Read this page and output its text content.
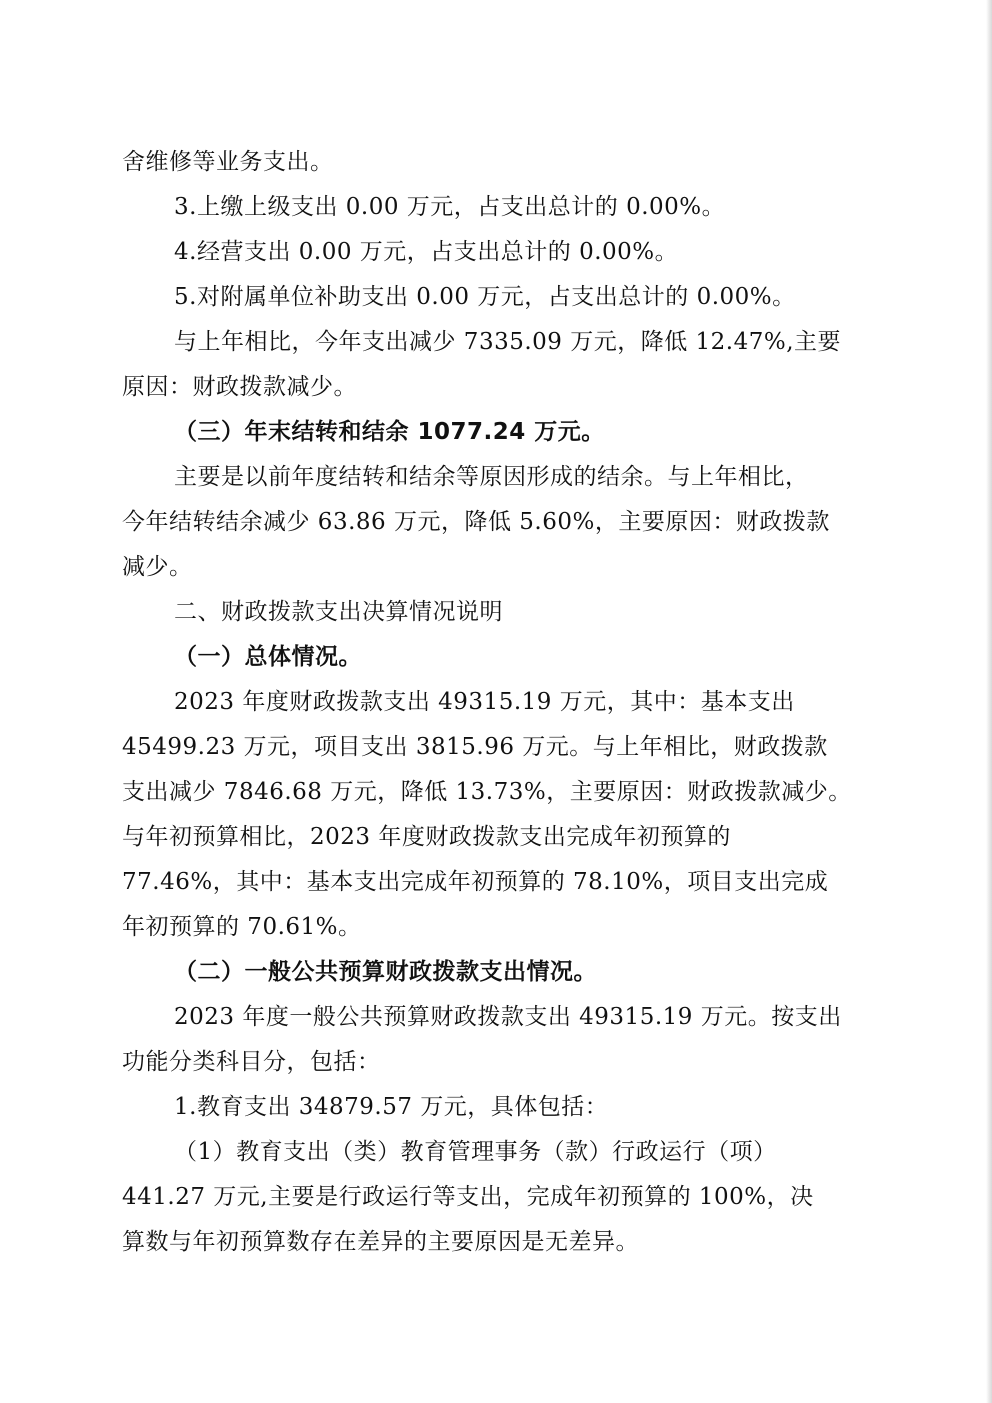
舍维修等业务支出。
3.上缴上级支出 0.00 万元，占支出总计的 0.00%。
4.经营支出 0.00 万元，占支出总计的 0.00%。
5.对附属单位补助支出 0.00 万元，占支出总计的 0.00%。
与上年相比，今年支出减少 7335.09 万元，降低 12.47%,主要
原因：财政拨款减少。
（三）年末结转和结余 1077.24 万元。
主要是以前年度结转和结余等原因形成的结余。与上年相比，
今年结转结余减少 63.86 万元，降低 5.60%，主要原因：财政拨款
减少。
二、财政拨款支出决算情况说明
（一）总体情况。
2023 年度财政拨款支出 49315.19 万元，其中：基本支出
45499.23 万元，项目支出 3815.96 万元。与上年相比，财政拨款
支出减少 7846.68 万元，降低 13.73%，主要原因：财政拨款减少。
与年初预算相比，2023 年度财政拨款支出完成年初预算的
77.46%，其中：基本支出完成年初预算的 78.10%，项目支出完成
年初预算的 70.61%。
（二）一般公共预算财政拨款支出情况。
2023 年度一般公共预算财政拨款支出 49315.19 万元。按支出
功能分类科目分，包括：
1.教育支出 34879.57 万元，具体包括：
（1）教育支出（类）教育管理事务（款）行政运行（项）
441.27 万元,主要是行政运行等支出，完成年初预算的 100%，决
算数与年初预算数存在差异的主要原因是无差异。
